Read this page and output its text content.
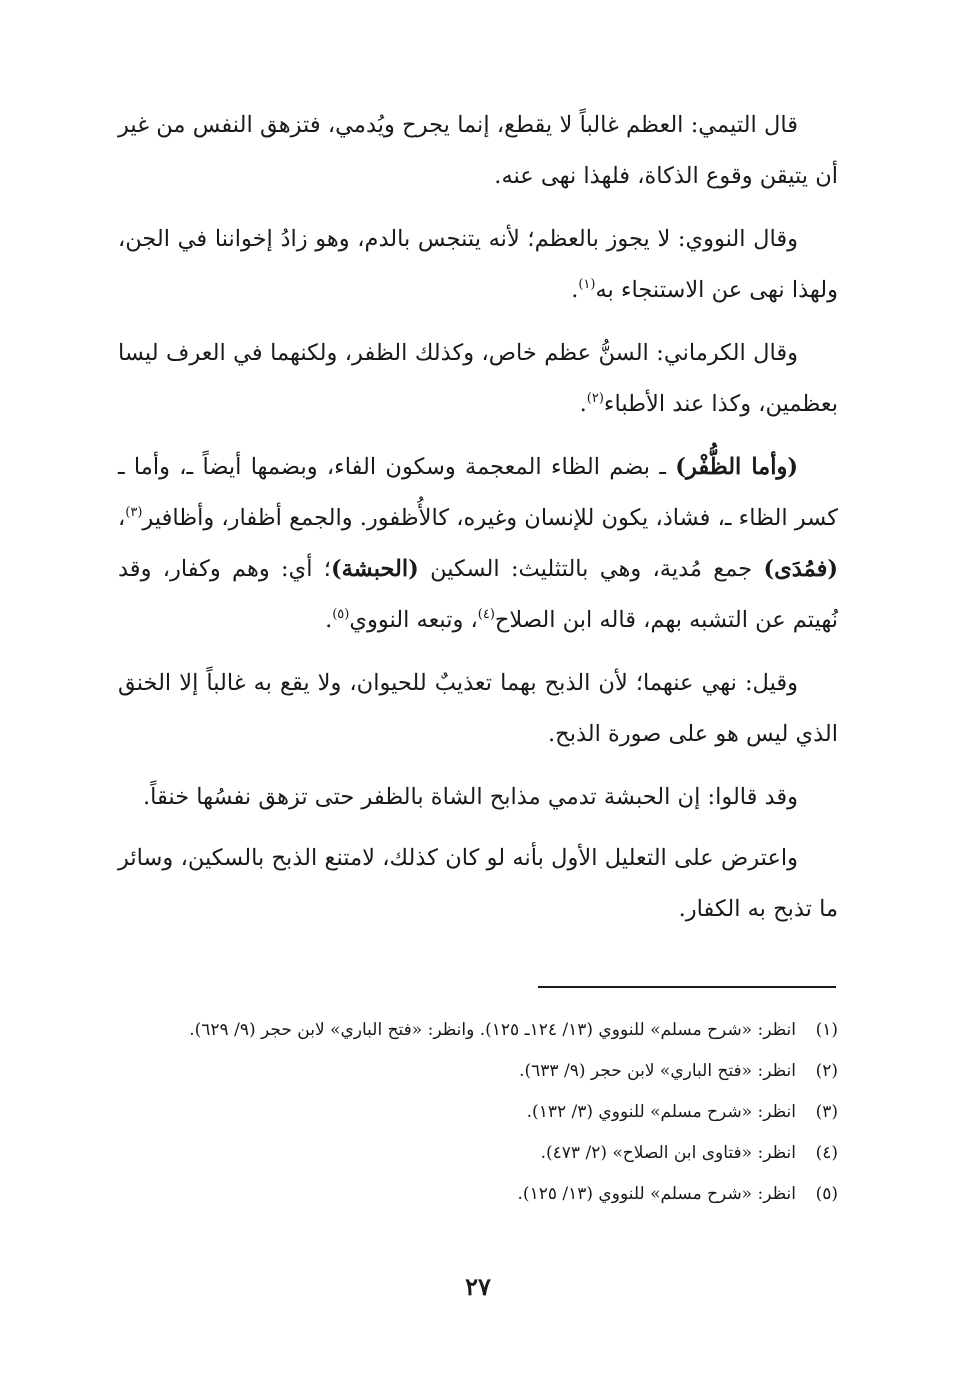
قال التيمي: العظم غالباً لا يقطع، إنما يجرح ويُدمي، فتزهق النفس من غير أن يتيقن وقوع الذكاة، فلهذا نهى عنه.

وقال النووي: لا يجوز بالعظم؛ لأنه يتنجس بالدم، وهو زادُ إخواننا في الجن، ولهذا نهى عن الاستنجاء به$^{(١)}$.

وقال الكرماني: السنُّ عظم خاص، وكذلك الظفر، ولكنهما في العرف ليسا بعظمين، وكذا عند الأطباء$^{(٢)}$.

(وأما الظُّفْر) ـ بضم الظاء المعجمة وسكون الفاء، وبضمها أيضاً ـ، وأما ـ كسر الظاء ـ، فشاذ، يكون للإنسان وغيره، كالأُظفور. والجمع أظفار، وأظافير$^{(٣)}$، (فمُدَى) جمع مُدية، وهي بالتثليث: السكين (الحبشة)؛ أي: وهم وكفار، وقد نُهيتم عن التشبه بهم، قاله ابن الصلاح$^{(٤)}$، وتبعه النووي$^{(٥)}$.

وقيل: نهي عنهما؛ لأن الذبح بهما تعذيبٌ للحيوان، ولا يقع به غالباً إلا الخنق الذي ليس هو على صورة الذبح.

وقد قالوا: إن الحبشة تدمي مذابح الشاة بالظفر حتى تزهق نفسُها خنقاً.

واعترض على التعليل الأول بأنه لو كان كذلك، لامتنع الذبح بالسكين، وسائر ما تذبح به الكفار.

(١)
انظر: «شرح مسلم» للنووي (١٣/ ١٢٤ـ ١٢٥). وانظر: «فتح الباري» لابن حجر (٩/ ٦٢٩).
(٢)
انظر: «فتح الباري» لابن حجر (٩/ ٦٣٣).
(٣)
انظر: «شرح مسلم» للنووي (٣/ ١٣٢).
(٤)
انظر: «فتاوى ابن الصلاح» (٢/ ٤٧٣).
(٥)
انظر: «شرح مسلم» للنووي (١٣/ ١٢٥).
٢٧
